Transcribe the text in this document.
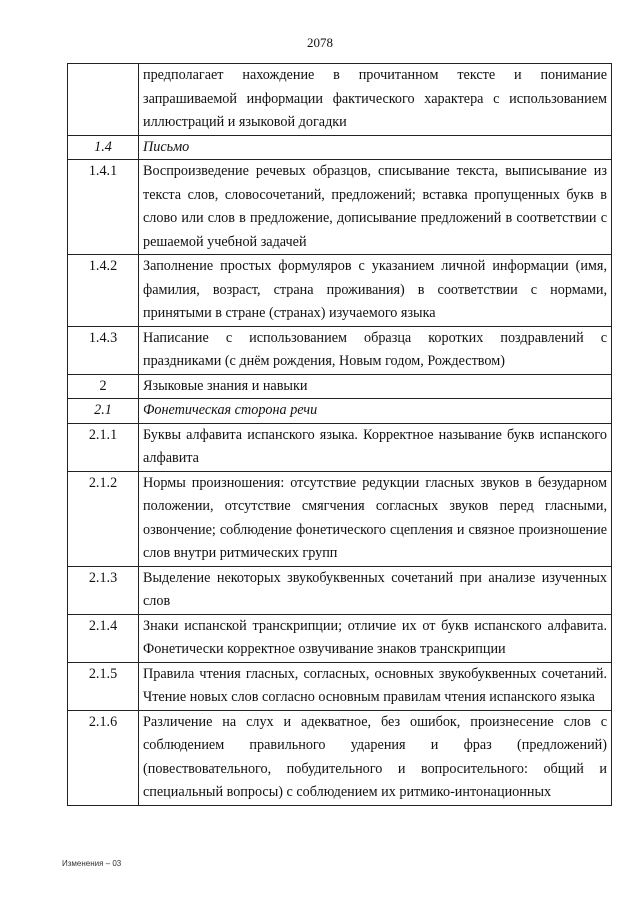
2078
	предполагает нахождение в прочитанном тексте и понимание запрашиваемой информации фактического характера с использованием иллюстраций и языковой догадки
1.4	Письмо
1.4.1	Воспроизведение речевых образцов, списывание текста, выписывание из текста слов, словосочетаний, предложений; вставка пропущенных букв в слово или слов в предложение, дописывание предложений в соответствии с решаемой учебной задачей
1.4.2	Заполнение простых формуляров с указанием личной информации (имя, фамилия, возраст, страна проживания) в соответствии с нормами, принятыми в стране (странах) изучаемого языка
1.4.3	Написание с использованием образца коротких поздравлений с праздниками (с днём рождения, Новым годом, Рождеством)
2	Языковые знания и навыки
2.1	Фонетическая сторона речи
2.1.1	Буквы алфавита испанского языка. Корректное называние букв испанского алфавита
2.1.2	Нормы произношения: отсутствие редукции гласных звуков в безударном положении, отсутствие смягчения согласных звуков перед гласными, озвончение; соблюдение фонетического сцепления и связное произношение слов внутри ритмических групп
2.1.3	Выделение некоторых звукобуквенных сочетаний при анализе изученных слов
2.1.4	Знаки испанской транскрипции; отличие их от букв испанского алфавита. Фонетически корректное озвучивание знаков транскрипции
2.1.5	Правила чтения гласных, согласных, основных звукобуквенных сочетаний. Чтение новых слов согласно основным правилам чтения испанского языка
2.1.6	Различение на слух и адекватное, без ошибок, произнесение слов с соблюдением правильного ударения и фраз (предложений) (повествовательного, побудительного и вопросительного: общий и специальный вопросы) с соблюдением их ритмико-интонационных
Изменения – 03
